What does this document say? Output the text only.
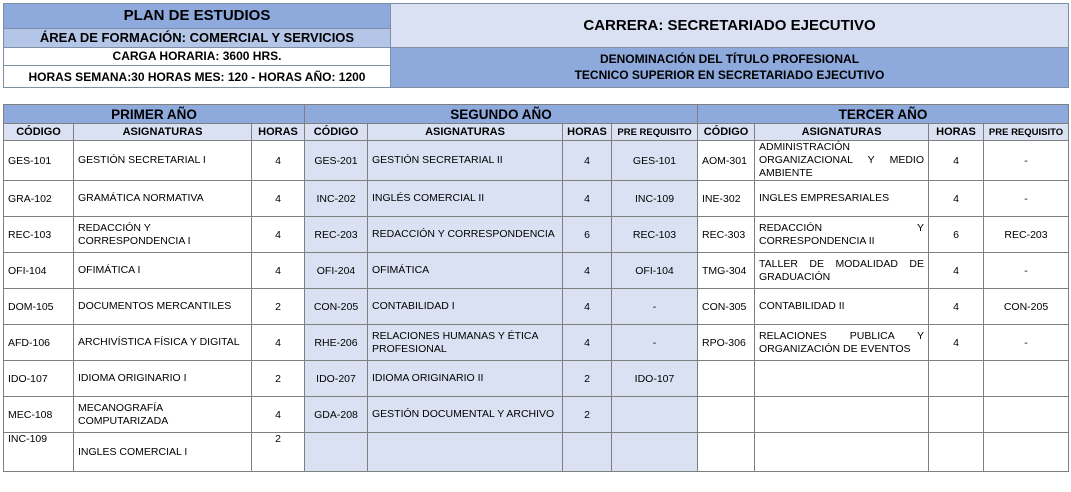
PLAN DE ESTUDIOS	CARRERA: SECRETARIADO EJECUTIVO
ÁREA DE FORMACIÓN: COMERCIAL Y SERVICIOS	
CARGA HORARIA: 3600 HRS.	DENOMINACIÓN DEL TÍTULO PROFESIONAL
TECNICO SUPERIOR EN SECRETARIADO EJECUTIVO

HORAS SEMANA:30 HORAS MES: 120 - HORAS AÑO: 1200	
PRIMER AÑO			SEGUNDO AÑO				TERCER AÑO			
CÓDIGO	ASIGNATURAS	HORAS	CÓDIGO	ASIGNATURAS	HORAS	PRE REQUISITO	CÓDIGO	ASIGNATURAS	HORAS	PRE REQUISITO
GES-101	GESTIÓN SECRETARIAL I	4	GES-201	GESTIÓN SECRETARIAL II	4	GES-101	AOM-301	ADMINISTRACIÓN ORGANIZACIONAL Y MEDIO AMBIENTE	4	-
GRA-102	GRAMÁTICA NORMATIVA	4	INC-202	INGLÉS COMERCIAL II	4	INC-109	INE-302	INGLES EMPRESARIALES	4	-
REC-103	REDACCIÓN Y CORRESPONDENCIA I	4	REC-203	REDACCIÓN Y CORRESPONDENCIA	6	REC-103	REC-303	REDACCIÓN Y CORRESPONDENCIA II	6	REC-203
OFI-104	OFIMÁTICA I	4	OFI-204	OFIMÁTICA	4	OFI-104	TMG-304	TALLER DE MODALIDAD DE GRADUACIÓN	4	-
DOM-105	DOCUMENTOS MERCANTILES	2	CON-205	CONTABILIDAD I	4	-	CON-305	CONTABILIDAD II	4	CON-205
AFD-106	ARCHIVÍSTICA FÍSICA Y DIGITAL	4	RHE-206	RELACIONES HUMANAS Y ÉTICA PROFESIONAL	4	-	RPO-306	RELACIONES PUBLICA Y ORGANIZACIÓN DE EVENTOS	4	-
IDO-107	IDIOMA ORIGINARIO I	2	IDO-207	IDIOMA ORIGINARIO II	2	IDO-107				
MEC-108	MECANOGRAFÍA COMPUTARIZADA	4	GDA-208	GESTIÓN DOCUMENTAL Y ARCHIVO	2					
INC-109	INGLES COMERCIAL I	2								
